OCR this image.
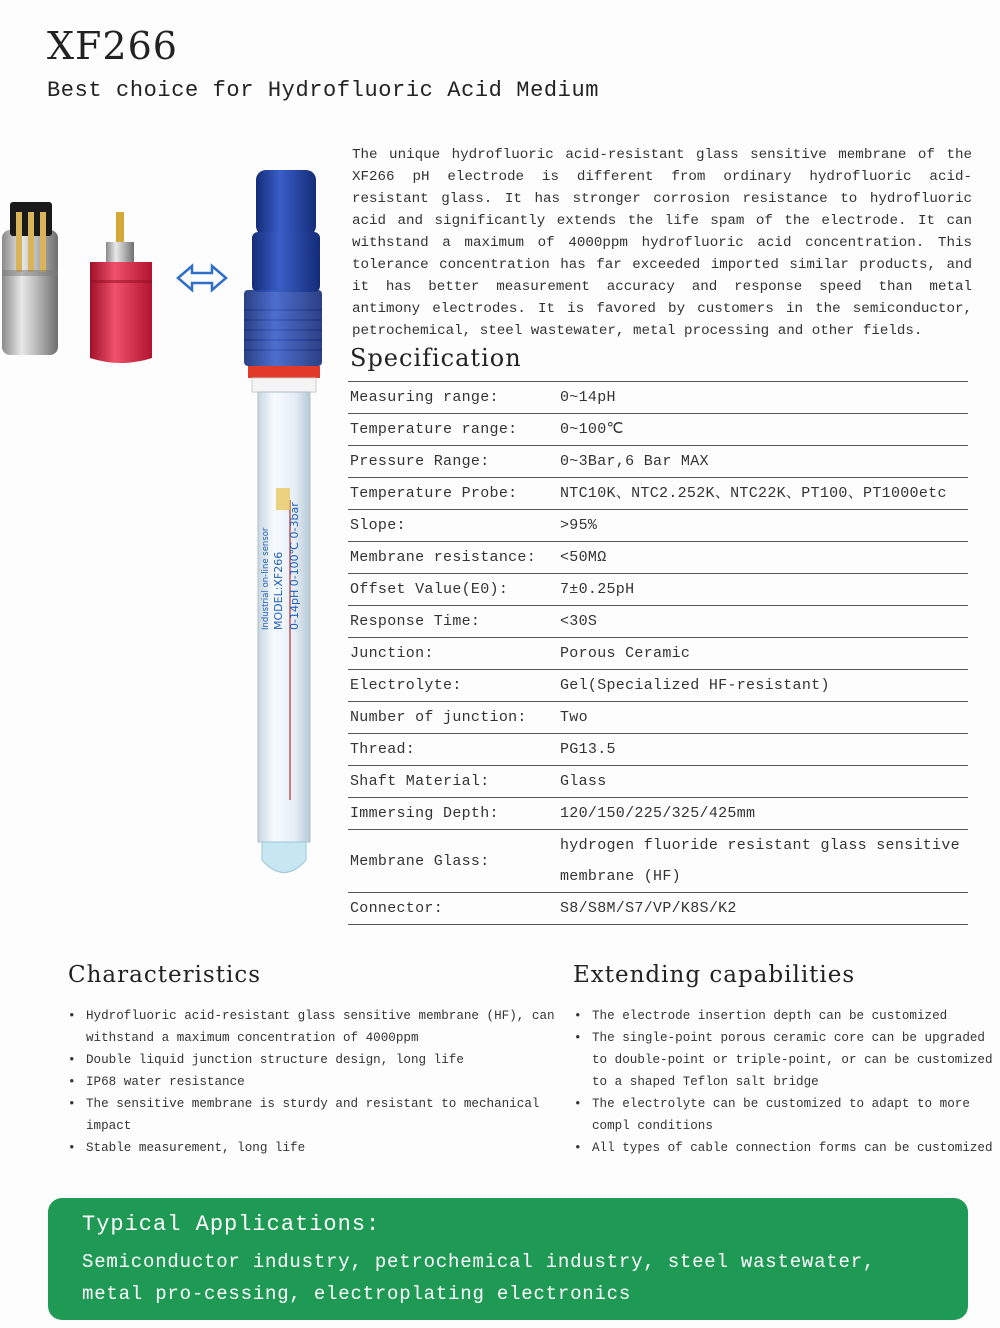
XF266
Best choice for Hydrofluoric Acid Medium
Industrial on-line sensor MODEL:XF266 0-14pH 0-100℃ 0-3bar
The unique hydrofluoric acid-resistant glass sensitive membrane of the XF266 pH electrode is different from ordinary hydrofluoric acid-resistant glass. It has stronger corrosion resistance to hydrofluoric acid and significantly extends the life spam of the electrode. It can withstand a maximum of 4000ppm hydrofluoric acid concentration. This tolerance concentration has far exceeded imported similar products, and it has better measurement accuracy and response speed than metal antimony electrodes. It is favored by customers in the semiconductor, petrochemical, steel wastewater, metal processing and other fields.
Specification
Measuring range:	0~14pH
Temperature range:	0~100℃
Pressure Range:	0~3Bar,6 Bar MAX
Temperature Probe:	NTC10K、NTC2.252K、NTC22K、PT100、PT1000etc
Slope:	>95%
Membrane resistance:	<50MΩ
Offset Value(E0):	7±0.25pH
Response Time:	<30S
Junction:	Porous Ceramic
Electrolyte:	Gel(Specialized HF-resistant)
Number of junction:	Two
Thread:	PG13.5
Shaft Material:	Glass
Immersing Depth:	120/150/225/325/425mm
Membrane Glass:	hydrogen fluoride resistant glass sensitive membrane (HF)
Connector:	S8/S8M/S7/VP/K8S/K2
Characteristics
• Hydrofluoric acid-resistant glass sensitive membrane (HF), can withstand a maximum concentration of 4000ppm
• Double liquid junction structure design, long life
• IP68 water resistance
• The sensitive membrane is sturdy and resistant to mechanical impact
• Stable measurement, long life
Extending capabilities
• The electrode insertion depth can be customized
• The single-point porous ceramic core can be upgraded to double-point or triple-point, or can be customized to a shaped Teflon salt bridge
• The electrolyte can be customized to adapt to more compl conditions
• All types of cable connection forms can be customized
Typical Applications:
Semiconductor industry, petrochemical industry, steel wastewater, metal pro-cessing, electroplating electronics
